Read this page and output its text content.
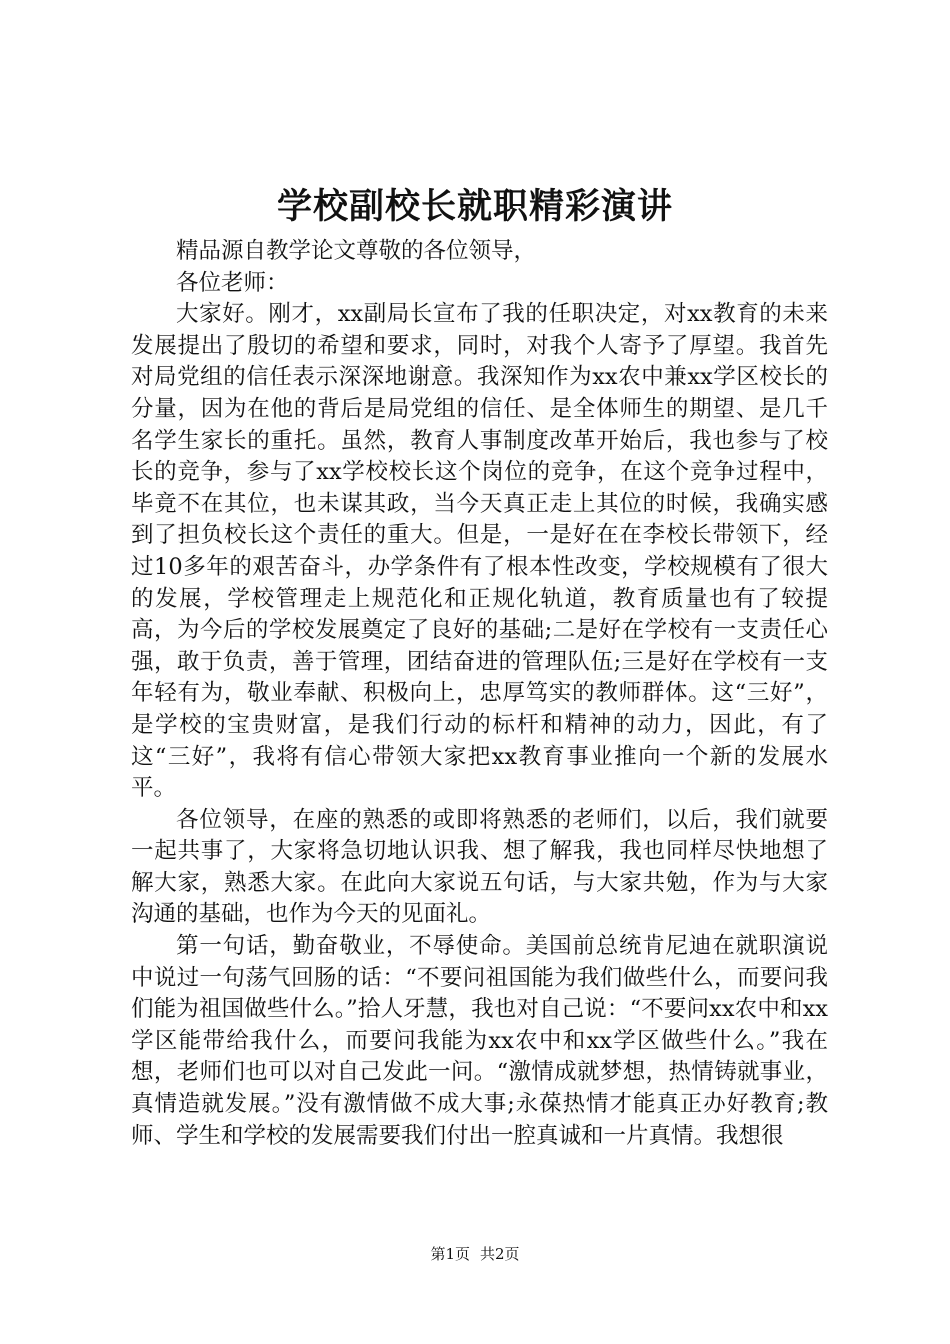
学校副校长就职精彩演讲

精品源自教学论文尊敬的各位领导，

各位老师：

大家好。刚才，xx副局长宣布了我的任职决定，对xx教育的未来发展提出了殷切的希望和要求，同时，对我个人寄予了厚望。我首先对局党组的信任表示深深地谢意。我深知作为xx农中兼xx学区校长的分量，因为在他的背后是局党组的信任、是全体师生的期望、是几千名学生家长的重托。虽然，教育人事制度改革开始后，我也参与了校长的竞争，参与了xx学校校长这个岗位的竞争，在这个竞争过程中，毕竟不在其位，也未谋其政，当今天真正走上其位的时候，我确实感到了担负校长这个责任的重大。但是，一是好在在李校长带领下，经过10多年的艰苦奋斗，办学条件有了根本性改变，学校规模有了很大的发展，学校管理走上规范化和正规化轨道，教育质量也有了较提高，为今后的学校发展奠定了良好的基础;二是好在学校有一支责任心强，敢于负责，善于管理，团结奋进的管理队伍;三是好在学校有一支年轻有为，敬业奉献、积极向上，忠厚笃实的教师群体。这“三好”，是学校的宝贵财富，是我们行动的标杆和精神的动力，因此，有了这“三好”，我将有信心带领大家把xx教育事业推向一个新的发展水平。

各位领导，在座的熟悉的或即将熟悉的老师们，以后，我们就要一起共事了，大家将急切地认识我、想了解我，我也同样尽快地想了解大家，熟悉大家。在此向大家说五句话，与大家共勉，作为与大家沟通的基础，也作为今天的见面礼。

第一句话，勤奋敬业，不辱使命。美国前总统肯尼迪在就职演说中说过一句荡气回肠的话：“不要问祖国能为我们做些什么，而要问我们能为祖国做些什么。”拾人牙慧，我也对自己说：“不要问xx农中和xx学区能带给我什么，而要问我能为xx农中和xx学区做些什么。”我在想，老师们也可以对自己发此一问。“激情成就梦想，热情铸就事业，真情造就发展。”没有激情做不成大事;永葆热情才能真正办好教育;教师、学生和学校的发展需要我们付出一腔真诚和一片真情。我想很

第1页 共2页
